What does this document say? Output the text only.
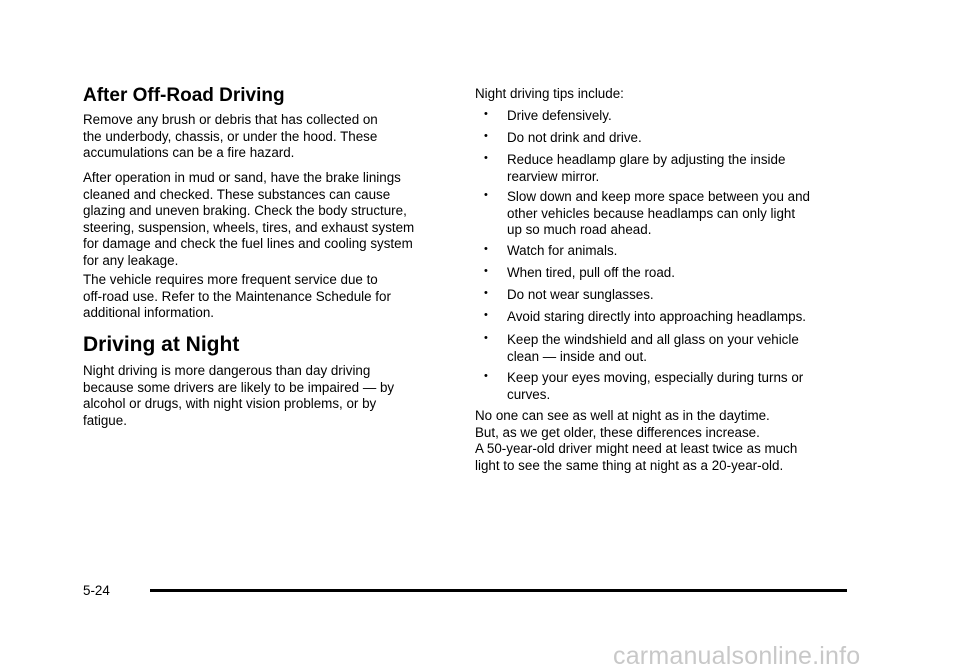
After Off-Road Driving

Remove any brush or debris that has collected on
the underbody, chassis, or under the hood. These
accumulations can be a fire hazard.

After operation in mud or sand, have the brake linings
cleaned and checked. These substances can cause
glazing and uneven braking. Check the body structure,
steering, suspension, wheels, tires, and exhaust system
for damage and check the fuel lines and cooling system
for any leakage.

The vehicle requires more frequent service due to
off-road use. Refer to the Maintenance Schedule for
additional information.

Driving at Night

Night driving is more dangerous than day driving
because some drivers are likely to be impaired — by
alcohol or drugs, with night vision problems, or by
fatigue.

Night driving tips include:

• Drive defensively.
• Do not drink and drive.
• Reduce headlamp glare by adjusting the inside
rearview mirror.
• Slow down and keep more space between you and
other vehicles because headlamps can only light
up so much road ahead.
• Watch for animals.
• When tired, pull off the road.
• Do not wear sunglasses.
• Avoid staring directly into approaching headlamps.
• Keep the windshield and all glass on your vehicle
clean — inside and out.
• Keep your eyes moving, especially during turns or
curves.

No one can see as well at night as in the daytime.
But, as we get older, these differences increase.
A 50-year-old driver might need at least twice as much
light to see the same thing at night as a 20-year-old.

5-24
carmanualsonline.info
